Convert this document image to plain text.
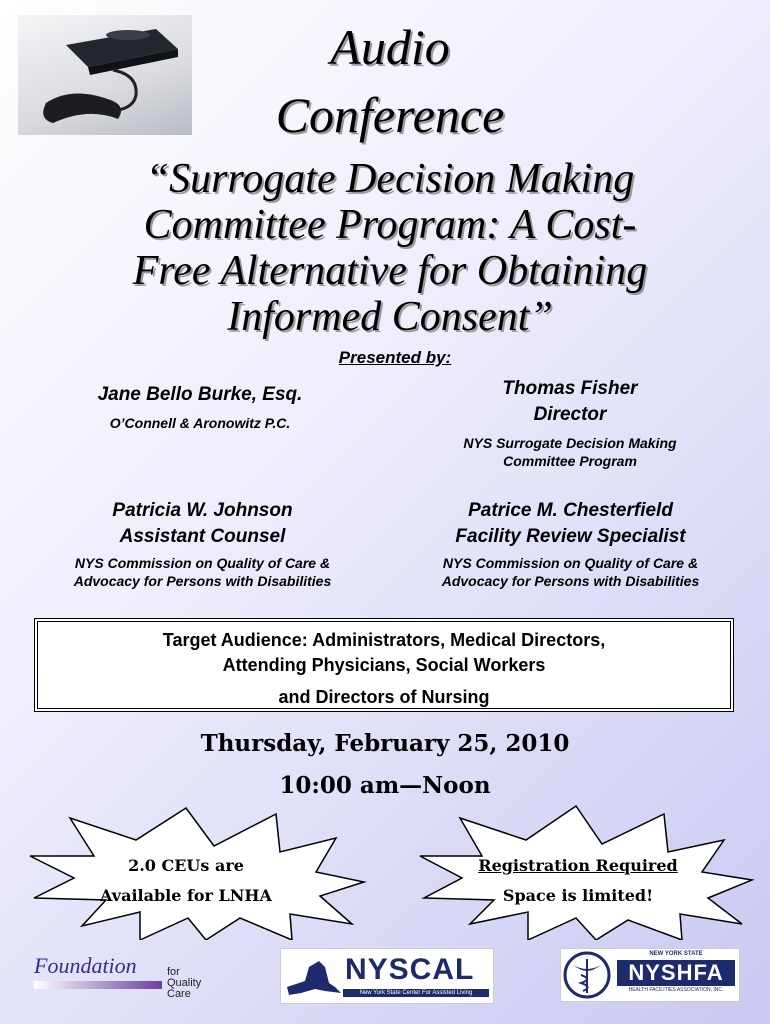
Audio
Conference
“Surrogate Decision Making
Committee Program: A Cost-
Free Alternative for Obtaining
Informed Consent”
Presented by:
Jane Bello Burke, Esq.
O’Connell & Aronowitz P.C.
Thomas Fisher
Director
NYS Surrogate Decision Making
Committee Program
Patricia W. Johnson
Assistant Counsel
NYS Commission on Quality of Care &
Advocacy for Persons with Disabilities
Patrice M. Chesterfield
Facility Review Specialist
NYS Commission on Quality of Care &
Advocacy for Persons with Disabilities
Target Audience: Administrators, Medical Directors,
Attending Physicians, Social Workers
and Directors of Nursing
Thursday, February 25, 2010
10:00 am—Noon
2.0 CEUs are
Available for LNHA
Registration Required
Space is limited!
Foundation	for
Quality
Care
NYSCAL
New York State Center For Assisted Living
NEW YORK STATE
NYSHFA
HEALTH FACILITIES ASSOCIATION, INC.
